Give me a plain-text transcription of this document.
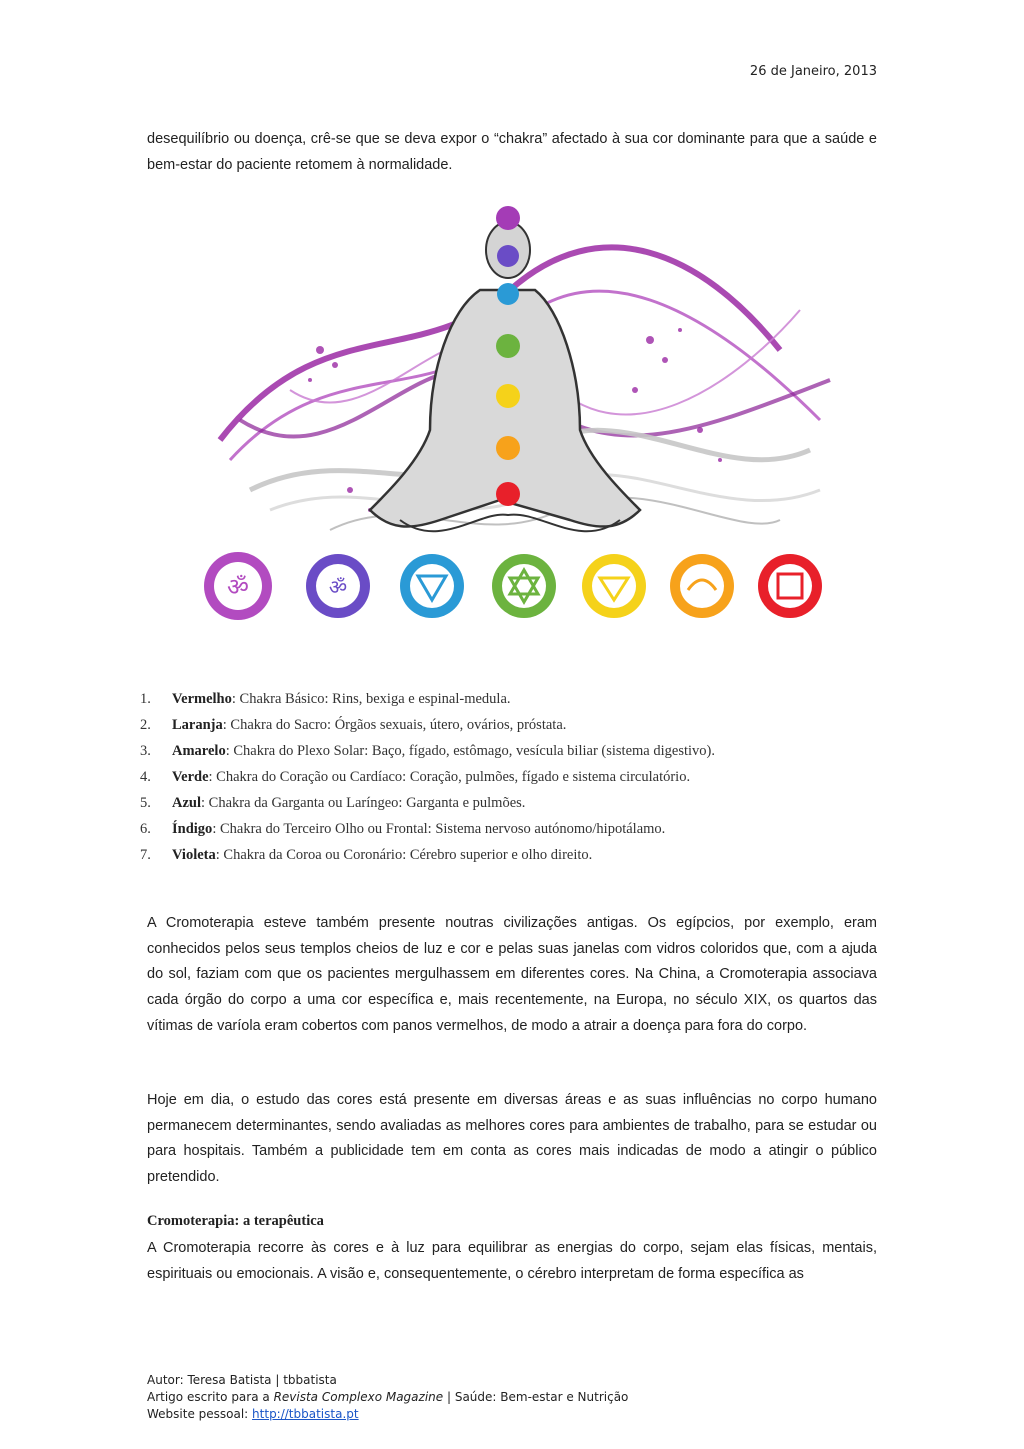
26 de Janeiro, 2013
desequilíbrio ou doença, crê-se que se deva expor o “chakra” afectado à sua cor dominante para que a saúde e bem-estar do paciente retomem à normalidade.
ॐ	ॐ
1.	Vermelho: Chakra Básico: Rins, bexiga e espinal-medula.
2.	Laranja: Chakra do Sacro: Órgãos sexuais, útero, ovários, próstata.
3.	Amarelo: Chakra do Plexo Solar: Baço, fígado, estômago, vesícula biliar (sistema digestivo).
4.	Verde: Chakra do Coração ou Cardíaco: Coração, pulmões, fígado e sistema circulatório.
5.	Azul: Chakra da Garganta ou Laríngeo: Garganta e pulmões.
6.	Índigo: Chakra do Terceiro Olho ou Frontal: Sistema nervoso autónomo/hipotálamo.
7.	Violeta: Chakra da Coroa ou Coronário: Cérebro superior e olho direito.
A Cromoterapia esteve também presente noutras civilizações antigas. Os egípcios, por exemplo, eram conhecidos pelos seus templos cheios de luz e cor e pelas suas janelas com vidros coloridos que, com a ajuda do sol, faziam com que os pacientes mergulhassem em diferentes cores. Na China, a Cromoterapia associava cada órgão do corpo a uma cor específica e, mais recentemente, na Europa, no século XIX, os quartos das vítimas de varíola eram cobertos com panos vermelhos, de modo a atrair a doença para fora do corpo.
Hoje em dia, o estudo das cores está presente em diversas áreas e as suas influências no corpo humano permanecem determinantes, sendo avaliadas as melhores cores para ambientes de trabalho, para se estudar ou para hospitais. Também a publicidade tem em conta as cores mais indicadas de modo a atingir o público pretendido.
Cromoterapia: a terapêutica
A Cromoterapia recorre às cores e à luz para equilibrar as energias do corpo, sejam elas físicas, mentais, espirituais ou emocionais. A visão e, consequentemente, o cérebro interpretam de forma específica as
Autor: Teresa Batista | tbbatista
Artigo escrito para a Revista Complexo Magazine | Saúde: Bem-estar e Nutrição
Website pessoal: http://tbbatista.pt
